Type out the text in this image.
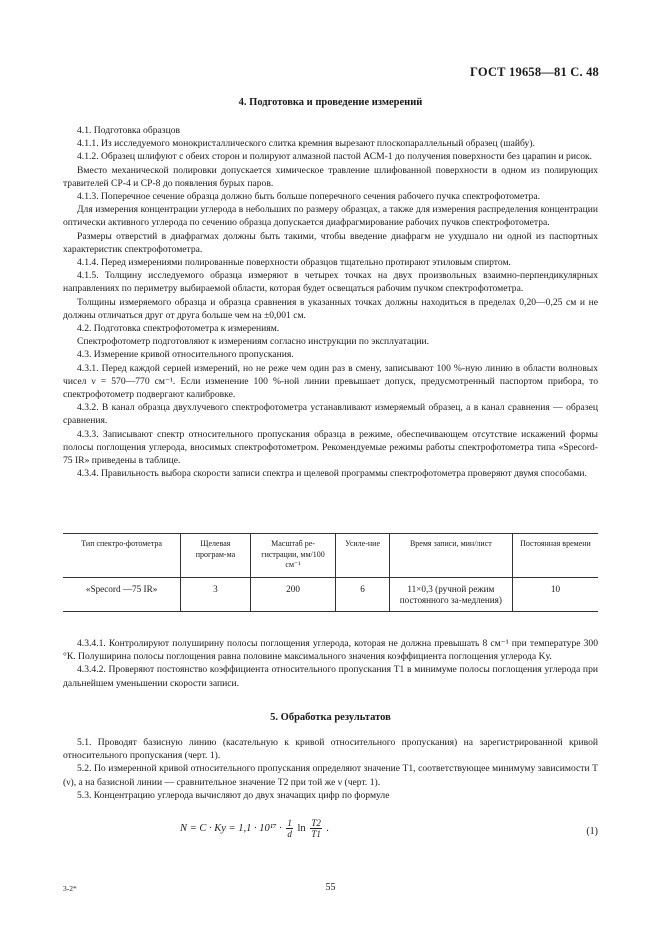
ГОСТ 19658—81 С. 48
4. Подготовка и проведение измерений

4.1. Подготовка образцов

4.1.1. Из исследуемого монокристаллического слитка кремния вырезают плоскопараллельный образец (шайбу).

4.1.2. Образец шлифуют с обеих сторон и полируют алмазной пастой АСМ-1 до получения поверхности без царапин и рисок.

Вместо механической полировки допускается химическое травление шлифованной поверхности в одном из полирующих травителей СР-4 и СР-8 до появления бурых паров.

4.1.3. Поперечное сечение образца должно быть больше поперечного сечения рабочего пучка спектрофотометра.

Для измерения концентрации углерода в небольших по размеру образцах, а также для измерения распределения концентрации оптически активного углерода по сечению образца допускается диафрагмирование рабочих пучков спектрофотометра.

Размеры отверстий в диафрагмах должны быть такими, чтобы введение диафрагм не ухудшало ни одной из паспортных характеристик спектрофотометра.

4.1.4. Перед измерениями полированные поверхности образцов тщательно протирают этиловым спиртом.

4.1.5. Толщину исследуемого образца измеряют в четырех точках на двух произвольных взаимно-перпендикулярных направлениях по периметру выбираемой области, которая будет освещаться рабочим пучком спектрофотометра.

Толщины измеряемого образца и образца сравнения в указанных точках должны находиться в пределах 0,20—0,25 см и не должны отличаться друг от друга больше чем на ±0,001 см.

4.2. Подготовка спектрофотометра к измерениям.

Спектрофотометр подготовляют к измерениям согласно инструкции по эксплуатации.

4.3. Измерение кривой относительного пропускания.

4.3.1. Перед каждой серией измерений, но не реже чем один раз в смену, записывают 100 %-ную линию в области волновых чисел ν = 570—770 см⁻¹. Если изменение 100 %-ной линии превышает допуск, предусмотренный паспортом прибора, то спектрофотометр подвергают калибровке.

4.3.2. В канал образца двухлучевого спектрофотометра устанавливают измеряемый образец, а в канал сравнения — образец сравнения.

4.3.3. Записывают спектр относительного пропускания образца в режиме, обеспечивающем отсутствие искажений формы полосы поглощения углерода, вносимых спектрофотометром. Рекомендуемые режимы работы спектрофотометра типа «Specord-75 IR» приведены в таблице.

4.3.4. Правильность выбора скорости записи спектра и щелевой программы спектрофотометра проверяют двумя способами.

Тип спектро-фотометра	Щелевая програм-ма	Масштаб ре-гистрации, мм/100 см⁻¹	Усиле-ние	Время записи, мин/лист	Постоянная времени
«Specord —75 IR»	3	200	6	11×0,3 (ручной режим постоянного за-медления)	10

4.3.4.1. Контролируют полуширину полосы поглощения углерода, которая не должна превышать 8 см⁻¹ при температуре 300 °К. Полуширина полосы поглощения равна половине максимального значения коэффициента поглощения углерода Kу.

4.3.4.2. Проверяют постоянство коэффициента относительного пропускания T1 в минимуме полосы поглощения углерода при дальнейшем уменьшении скорости записи.

5. Обработка результатов

5.1. Проводят базисную линию (касательную к кривой относительного пропускания) на зарегистрированной кривой относительного пропускания (черт. 1).

5.2. По измеренной кривой относительного пропускания определяют значение T1, соответствующее минимуму зависимости T (ν), а на базисной линии — сравнительное значение T2 при той же ν (черт. 1).

5.3. Концентрацию углерода вычисляют до двух значащих цифр по формуле

N = C · Kу = $1,1 \cdot 10^{17} \cdot \frac{1}{d}$ $\ln \frac{T2}{T1}$ .	(1)
3-2*	55
